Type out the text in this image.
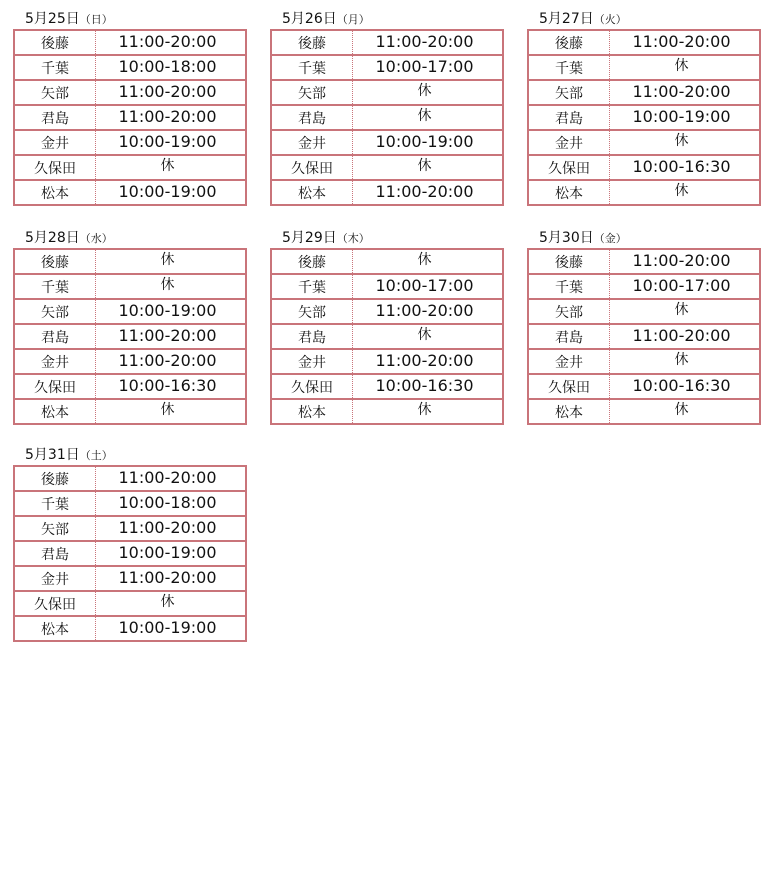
5月25日（日）
後藤	11:00-20:00
千葉	10:00-18:00
矢部	11:00-20:00
君島	11:00-20:00
金井	10:00-19:00
久保田	休
松本	10:00-19:00
5月26日（月）
後藤	11:00-20:00
千葉	10:00-17:00
矢部	休
君島	休
金井	10:00-19:00
久保田	休
松本	11:00-20:00
5月27日（火）
後藤	11:00-20:00
千葉	休
矢部	11:00-20:00
君島	10:00-19:00
金井	休
久保田	10:00-16:30
松本	休
5月28日（水）
後藤	休
千葉	休
矢部	10:00-19:00
君島	11:00-20:00
金井	11:00-20:00
久保田	10:00-16:30
松本	休
5月29日（木）
後藤	休
千葉	10:00-17:00
矢部	11:00-20:00
君島	休
金井	11:00-20:00
久保田	10:00-16:30
松本	休
5月30日（金）
後藤	11:00-20:00
千葉	10:00-17:00
矢部	休
君島	11:00-20:00
金井	休
久保田	10:00-16:30
松本	休
5月31日（土）
後藤	11:00-20:00
千葉	10:00-18:00
矢部	11:00-20:00
君島	10:00-19:00
金井	11:00-20:00
久保田	休
松本	10:00-19:00
